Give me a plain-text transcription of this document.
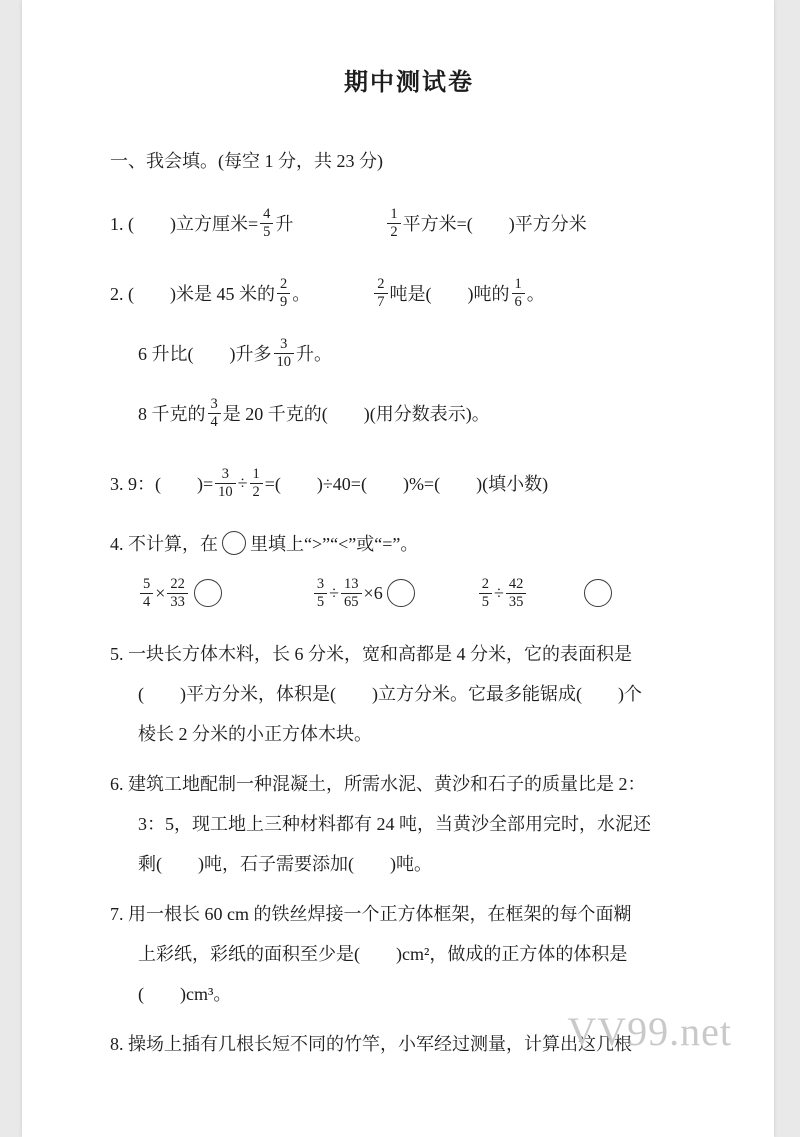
期中测试卷
一、我会填。(每空 1 分，共 23 分)
1. (　　)立方厘米= $\frac{4}{5}$ 升	$\frac{1}{2}$ 平方米=(　　)平方分米
2. (　　)米是 45 米的 $\frac{2}{9}$ 。	$\frac{2}{7}$ 吨是(　　)吨的 $\frac{1}{6}$ 。
6 升比(　　)升多 $\frac{3}{10}$ 升。
8 千克的 $\frac{3}{4}$ 是 20 千克的(　　)(用分数表示)。
3. 9：(　　)= $\frac{3}{10} \div \frac{1}{2}$ =(　　)÷40=(　　)%=(　　)(填小数)
4. 不计算，在 里填上“>”“<”或“=”。
$\frac{5}{4} \times \frac{22}{33}$	$\frac{3}{5} \div \frac{13}{65} \times 6$	$\frac{2}{5} \div \frac{42}{35}$
5. 一块长方体木料，长 6 分米，宽和高都是 4 分米，它的表面积是
(　　)平方分米，体积是(　　)立方分米。它最多能锯成(　　)个
棱长 2 分米的小正方体木块。
6. 建筑工地配制一种混凝土，所需水泥、黄沙和石子的质量比是 2：
3：5，现工地上三种材料都有 24 吨，当黄沙全部用完时，水泥还
剩(　　)吨，石子需要添加(　　)吨。
7. 用一根长 60 cm 的铁丝焊接一个正方体框架，在框架的每个面糊
上彩纸，彩纸的面积至少是(　　)cm²，做成的正方体的体积是
(　　)cm³。
8. 操场上插有几根长短不同的竹竿，小军经过测量，计算出这几根
VV99.net
